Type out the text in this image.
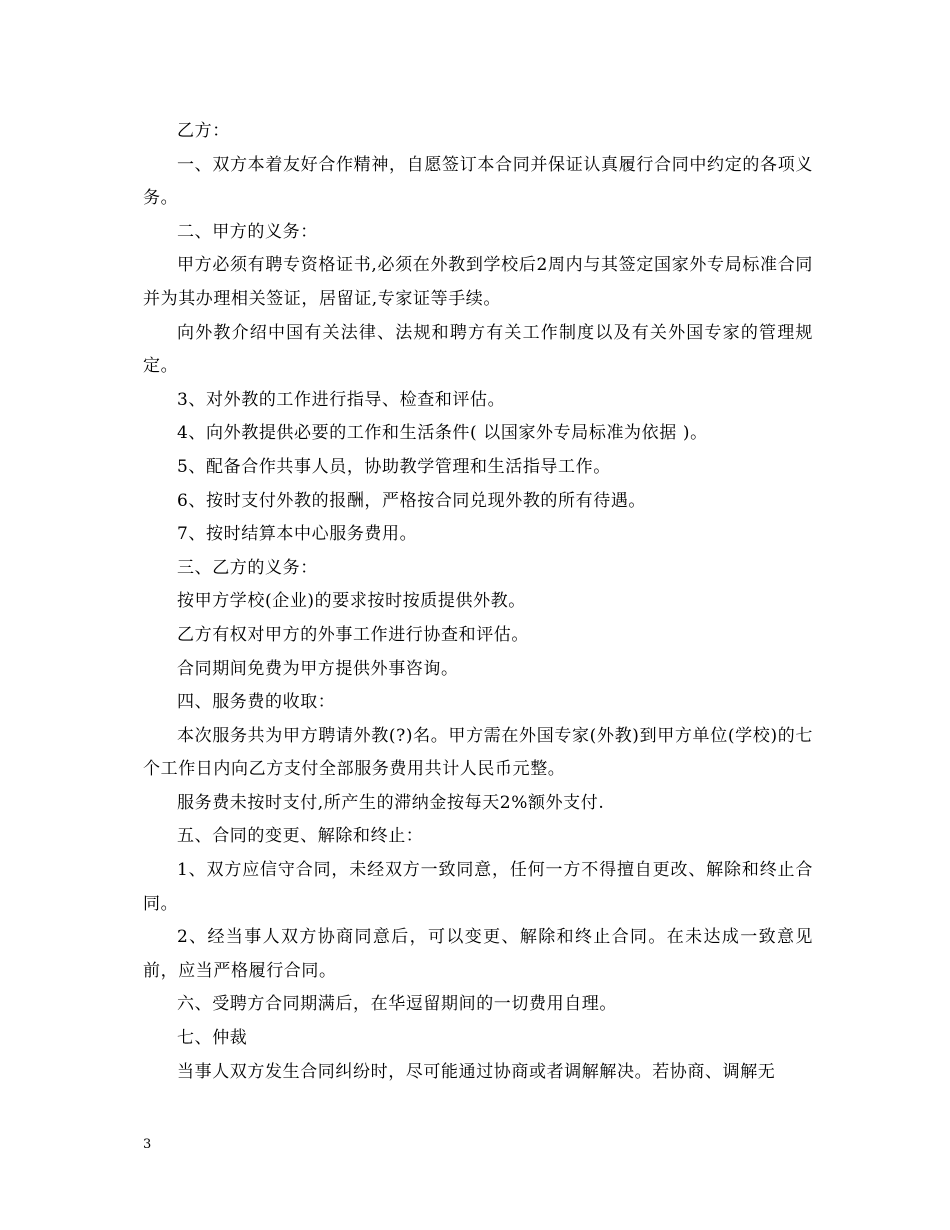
乙方：

一、双方本着友好合作精神，自愿签订本合同并保证认真履行合同中约定的各项义务。

二、甲方的义务：

甲方必须有聘专资格证书,必须在外教到学校后2周内与其签定国家外专局标准合同并为其办理相关签证，居留证,专家证等手续。

向外教介绍中国有关法律、法规和聘方有关工作制度以及有关外国专家的管理规定。

3、对外教的工作进行指导、检查和评估。

4、向外教提供必要的工作和生活条件( 以国家外专局标准为依据 )。

5、配备合作共事人员，协助教学管理和生活指导工作。

6、按时支付外教的报酬，严格按合同兑现外教的所有待遇。

7、按时结算本中心服务费用。

三、乙方的义务：

按甲方学校(企业)的要求按时按质提供外教。

乙方有权对甲方的外事工作进行协查和评估。

合同期间免费为甲方提供外事咨询。

四、服务费的收取：

本次服务共为甲方聘请外教(?)名。甲方需在外国专家(外教)到甲方单位(学校)的七个工作日内向乙方支付全部服务费用共计人民币元整。

服务费未按时支付,所产生的滞纳金按每天2%额外支付.

五、合同的变更、解除和终止：

1、双方应信守合同，未经双方一致同意，任何一方不得擅自更改、解除和终止合同。

2、经当事人双方协商同意后，可以变更、解除和终止合同。在未达成一致意见前，应当严格履行合同。

六、受聘方合同期满后，在华逗留期间的一切费用自理。

七、仲裁

当事人双方发生合同纠纷时，尽可能通过协商或者调解解决。若协商、调解无

3
